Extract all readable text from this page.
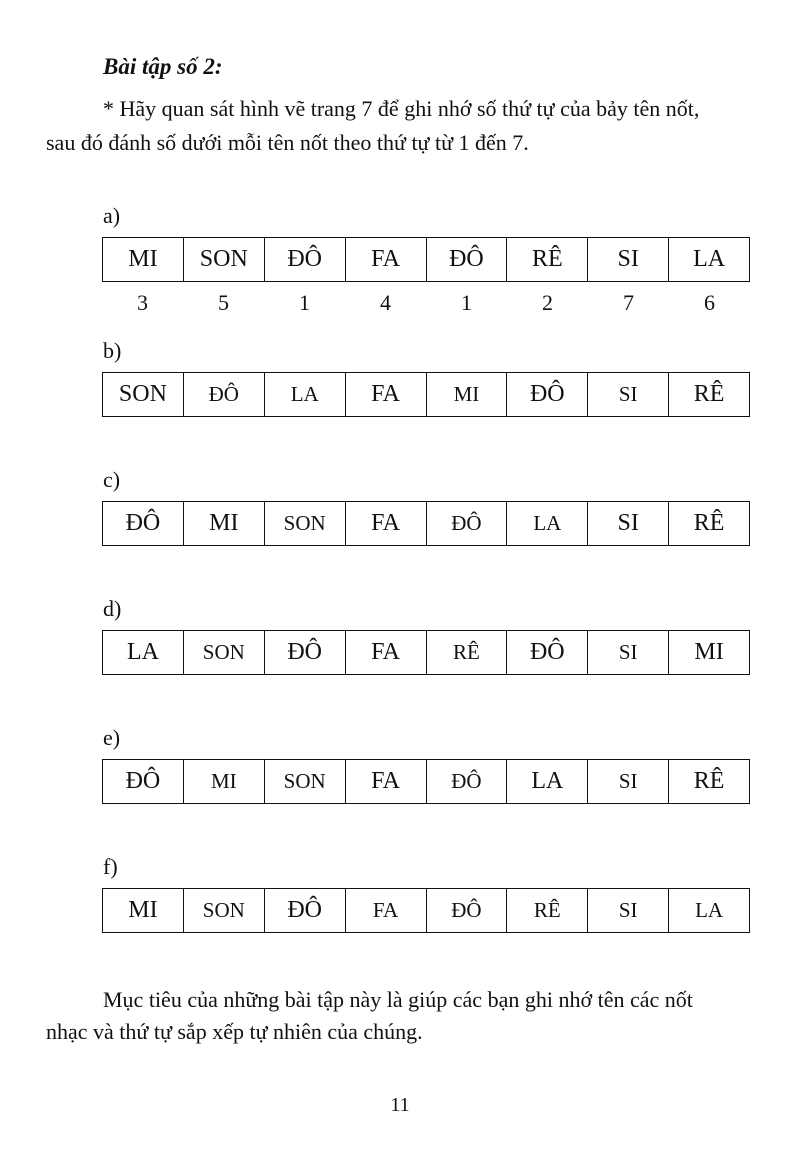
Bài tập số 2:
* Hãy quan sát hình vẽ trang 7 để ghi nhớ số thứ tự của bảy tên nốt,
sau đó đánh số dưới mỗi tên nốt theo thứ tự từ 1 đến 7.
a)
MI	SON	ĐÔ	FA	ĐÔ	RÊ	SI	LA
3	5	1	4	1	2	7	6
b)
SON	ĐÔ	LA	FA	MI	ĐÔ	SI	RÊ
c)
ĐÔ	MI	SON	FA	ĐÔ	LA	SI	RÊ
d)
LA	SON	ĐÔ	FA	RÊ	ĐÔ	SI	MI
e)
ĐÔ	MI	SON	FA	ĐÔ	LA	SI	RÊ
f)
MI	SON	ĐÔ	FA	ĐÔ	RÊ	SI	LA
Mục tiêu của những bài tập này là giúp các bạn ghi nhớ tên các nốt
nhạc và thứ tự sắp xếp tự nhiên của chúng.
11
